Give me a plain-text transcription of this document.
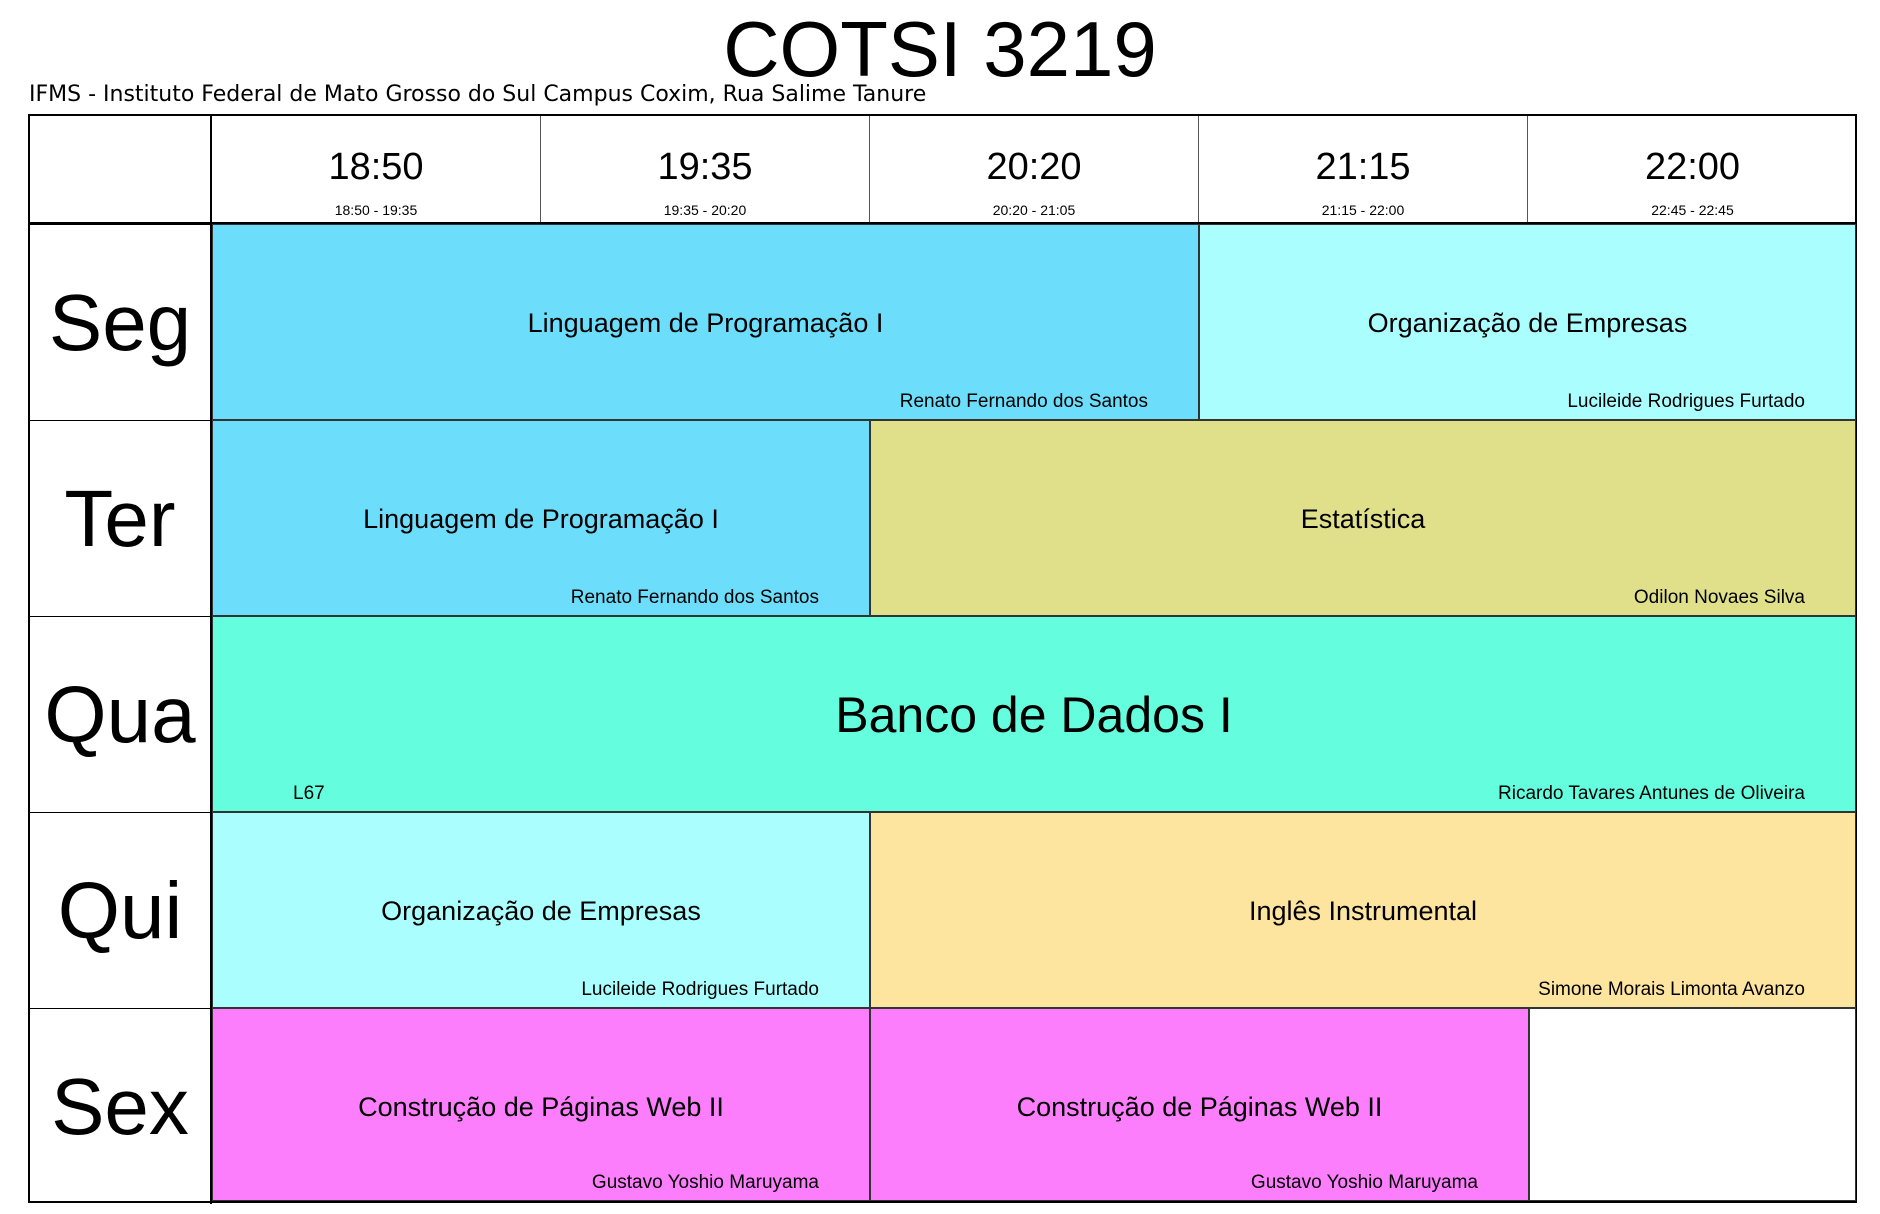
COTSI 3219
IFMS - Instituto Federal de Mato Grosso do Sul Campus Coxim, Rua Salime Tanure
18:50
18:50 - 19:35
19:35
19:35 - 20:20
20:20
20:20 - 21:05
21:15
21:15 - 22:00
22:00
22:45 - 22:45
Seg
Ter
Qua
Qui
Sex
Linguagem de Programação I
Renato Fernando dos Santos
Organização de Empresas
Lucileide Rodrigues Furtado
Linguagem de Programação I
Renato Fernando dos Santos
Estatística
Odilon Novaes Silva
Banco de Dados I
L67	Ricardo Tavares Antunes de Oliveira
Organização de Empresas
Lucileide Rodrigues Furtado
Inglês Instrumental
Simone Morais Limonta Avanzo
Construção de Páginas Web II
Gustavo Yoshio Maruyama
Construção de Páginas Web II
Gustavo Yoshio Maruyama
